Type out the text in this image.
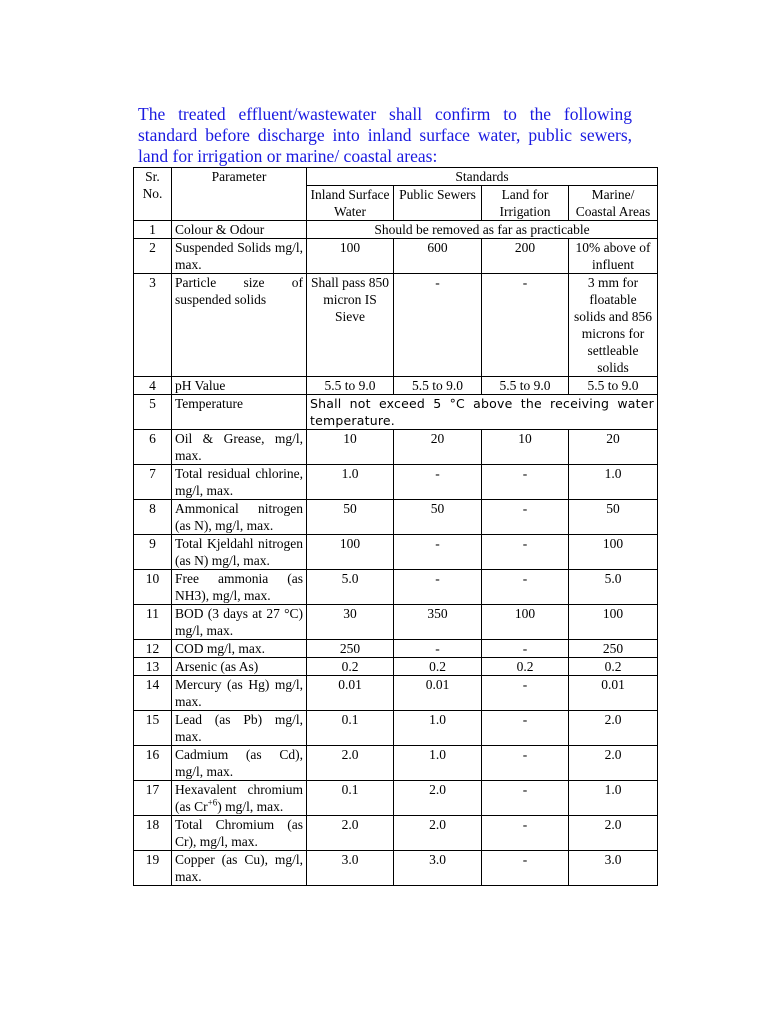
The treated effluent/wastewater shall confirm to the following standard before discharge into inland surface water, public sewers, land for irrigation or marine/ coastal areas:

Sr. No.	Parameter	Standards			
		Inland Surface Water	Public Sewers	Land for Irrigation	Marine/ Coastal Areas
1	Colour & Odour	Should be removed as far as practicable			
2	Suspended Solids mg/l, max.	100	600	200	10% above of influent
3	Particle size of suspended solids	Shall pass 850 micron IS Sieve	-	-	3 mm for floatable solids and 856 microns for settleable solids
4	pH Value	5.5 to 9.0	5.5 to 9.0	5.5 to 9.0	5.5 to 9.0
5	Temperature	Shall not exceed 5 °C above the receiving water temperature.			
6	Oil & Grease, mg/l, max.	10	20	10	20
7	Total residual chlorine, mg/l, max.	1.0	-	-	1.0
8	Ammonical nitrogen (as N), mg/l, max.	50	50	-	50
9	Total Kjeldahl nitrogen (as N) mg/l, max.	100	-	-	100
10	Free ammonia (as NH3), mg/l, max.	5.0	-	-	5.0
11	BOD (3 days at 27 °C) mg/l, max.	30	350	100	100
12	COD mg/l, max.	250	-	-	250
13	Arsenic (as As)	0.2	0.2	0.2	0.2
14	Mercury (as Hg) mg/l, max.	0.01	0.01	-	0.01
15	Lead (as Pb) mg/l, max.	0.1	1.0	-	2.0
16	Cadmium (as Cd), mg/l, max.	2.0	1.0	-	2.0
17	Hexavalent chromium (as $Cr^{+6}$) mg/l, max.	0.1	2.0	-	1.0
18	Total Chromium (as Cr), mg/l, max.	2.0	2.0	-	2.0
19	Copper (as Cu), mg/l, max.	3.0	3.0	-	3.0
